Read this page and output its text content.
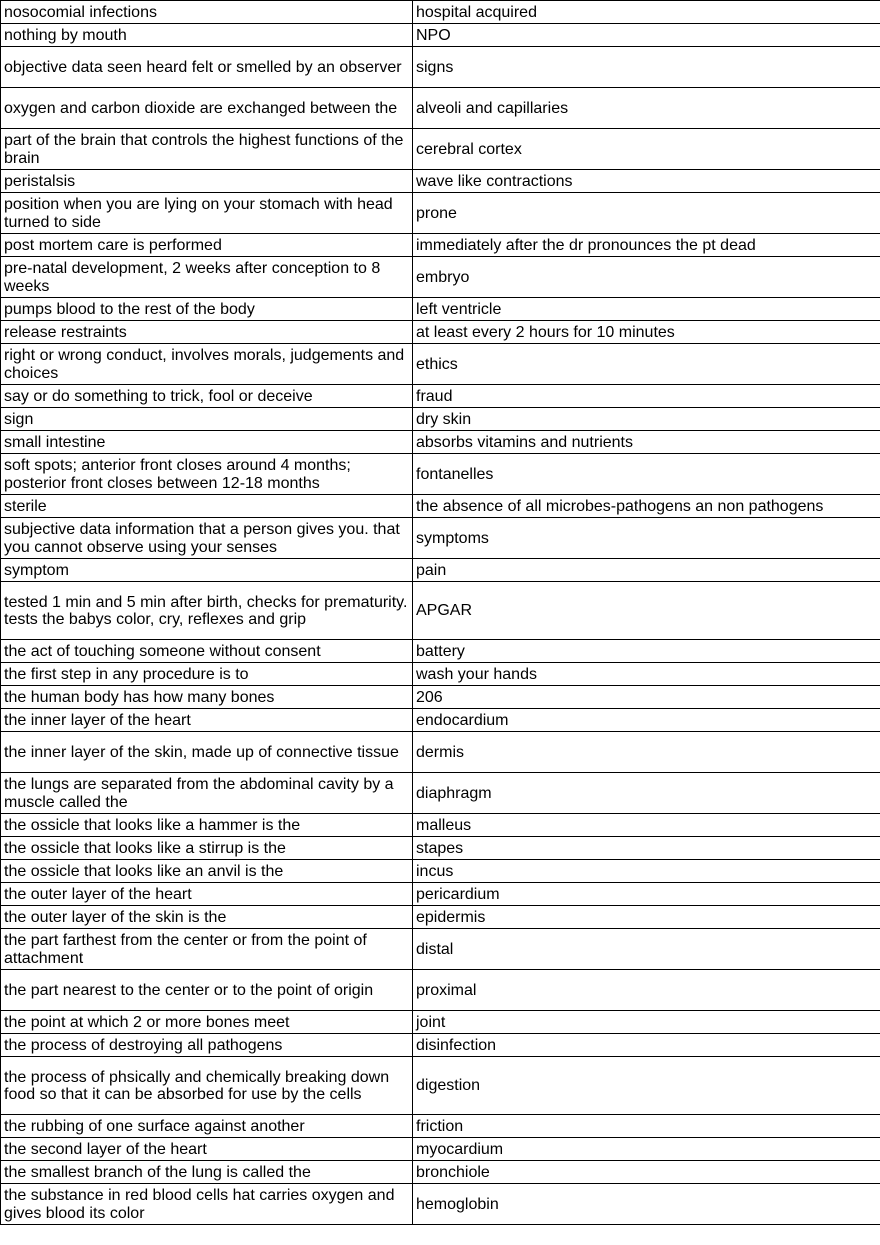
nosocomial infections	hospital acquired
nothing by mouth	NPO
objective data seen heard felt or smelled by an observer	signs
oxygen and carbon dioxide are exchanged between the	alveoli and capillaries
part of the brain that controls the highest functions of the brain	cerebral cortex
peristalsis	wave like contractions
position when you are lying on your stomach with head turned to side	prone
post mortem care is performed	immediately after the dr pronounces the pt dead
pre-natal development, 2 weeks after conception to 8 weeks	embryo
pumps blood to the rest of the body	left ventricle
release restraints	at least every 2 hours for 10 minutes
right or wrong conduct, involves morals, judgements and choices	ethics
say or do something to trick, fool or deceive	fraud
sign	dry skin
small intestine	absorbs vitamins and nutrients
soft spots; anterior front closes around 4 months; posterior front closes between 12-18 months	fontanelles
sterile	the absence of all microbes-pathogens an non pathogens
subjective data information that a person gives you. that you cannot observe using your senses	symptoms
symptom	pain
tested 1 min and 5 min after birth, checks for prematurity. tests the babys color, cry, reflexes and grip	APGAR
the act of touching someone without consent	battery
the first step in any procedure is to	wash your hands
the human body has how many bones	206
the inner layer of the heart	endocardium
the inner layer of the skin, made up of connective tissue	dermis
the lungs are separated from the abdominal cavity by a muscle called the	diaphragm
the ossicle that looks like a hammer is the	malleus
the ossicle that looks like a stirrup is the	stapes
the ossicle that looks like an anvil is the	incus
the outer layer of the heart	pericardium
the outer layer of the skin is the	epidermis
the part farthest from the center or from the point of attachment	distal
the part nearest to the center or to the point of origin	proximal
the point at which 2 or more bones meet	joint
the process of destroying all pathogens	disinfection
the process of phsically and chemically breaking down food so that it can be absorbed for use by the cells	digestion
the rubbing of one surface against another	friction
the second layer of the heart	myocardium
the smallest branch of the lung is called the	bronchiole
the substance in red blood cells hat carries oxygen and gives blood its color	hemoglobin
